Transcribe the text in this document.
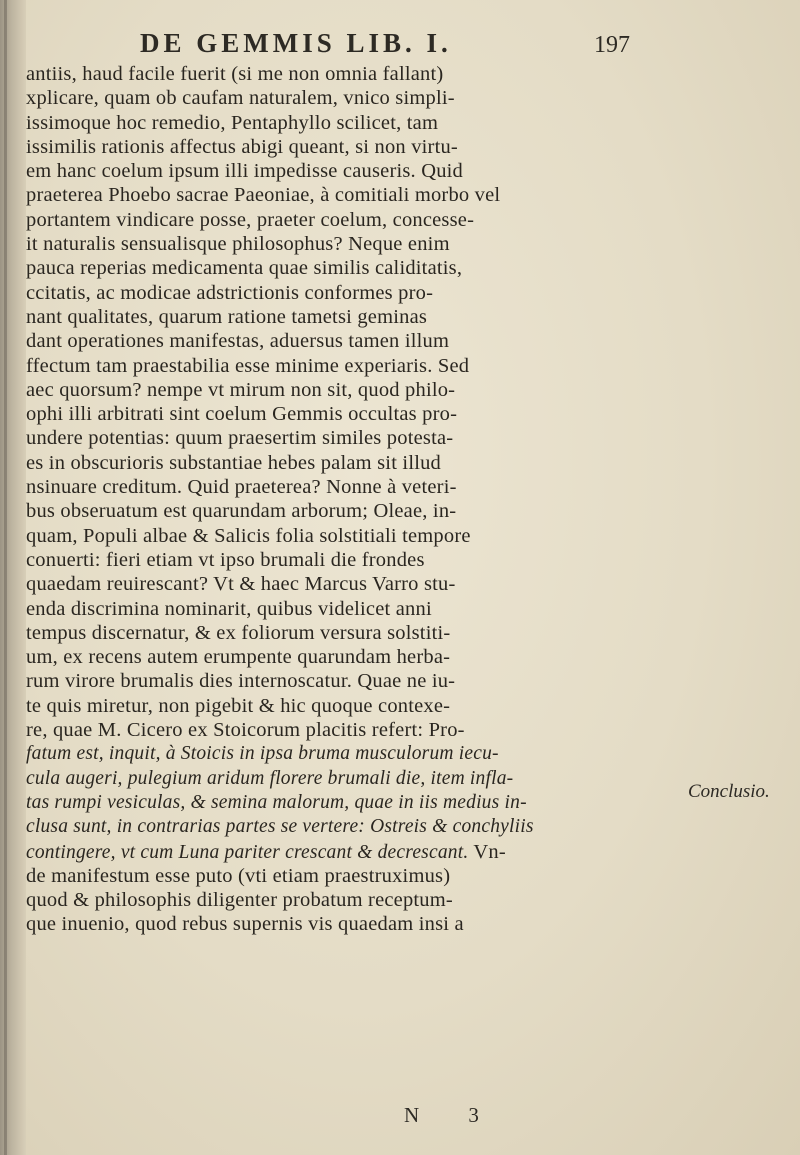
DE GEMMIS LIB. I.	197
antiis, haud facile fuerit (si me non omnia fallant)
xplicare, quam ob caufam naturalem, vnico simpli-
issimoque hoc remedio, Pentaphyllo scilicet, tam
issimilis rationis affectus abigi queant, si non virtu-
em hanc coelum ipsum illi impedisse causeris. Quid
praeterea Phoebo sacrae Paeoniae, à comitiali morbo vel
portantem vindicare posse, praeter coelum, concesse-
it naturalis sensualisque philosophus? Neque enim
pauca reperias medicamenta quae similis caliditatis,
ccitatis, ac modicae adstrictionis conformes pro-
nant qualitates, quarum ratione tametsi geminas
dant operationes manifestas, aduersus tamen illum
ffectum tam praestabilia esse minime experiaris. Sed
aec quorsum? nempe vt mirum non sit, quod philo-
ophi illi arbitrati sint coelum Gemmis occultas pro-
undere potentias: quum praesertim similes potesta-
es in obscurioris substantiae hebes palam sit illud
nsinuare creditum. Quid praeterea? Nonne à veteri-
bus obseruatum est quarundam arborum; Oleae, in-
quam, Populi albae & Salicis folia solstitiali tempore
conuerti: fieri etiam vt ipso brumali die frondes
quaedam reuirescant? Vt & haec Marcus Varro stu-
enda discrimina nominarit, quibus videlicet anni
tempus discernatur, & ex foliorum versura solstiti-
um, ex recens autem erumpente quarundam herba-
rum virore brumalis dies internoscatur. Quae ne iu-
te quis miretur, non pigebit & hic quoque contexe-
re, quae M. Cicero ex Stoicorum placitis refert: Pro-
fatum est, inquit, à Stoicis in ipsa bruma musculorum iecu-
cula augeri, pulegium aridum florere brumali die, item infla-
tas rumpi vesiculas, & semina malorum, quae in iis medius in-
clusa sunt, in contrarias partes se vertere: Ostreis & conchyliis
contingere, vt cum Luna pariter crescant & decrescant. Vn-
de manifestum esse puto (vti etiam praestruximus)
quod & philosophis diligenter probatum receptum-
que inuenio, quod rebus supernis vis quaedam insi a
Conclusio.
N 3
